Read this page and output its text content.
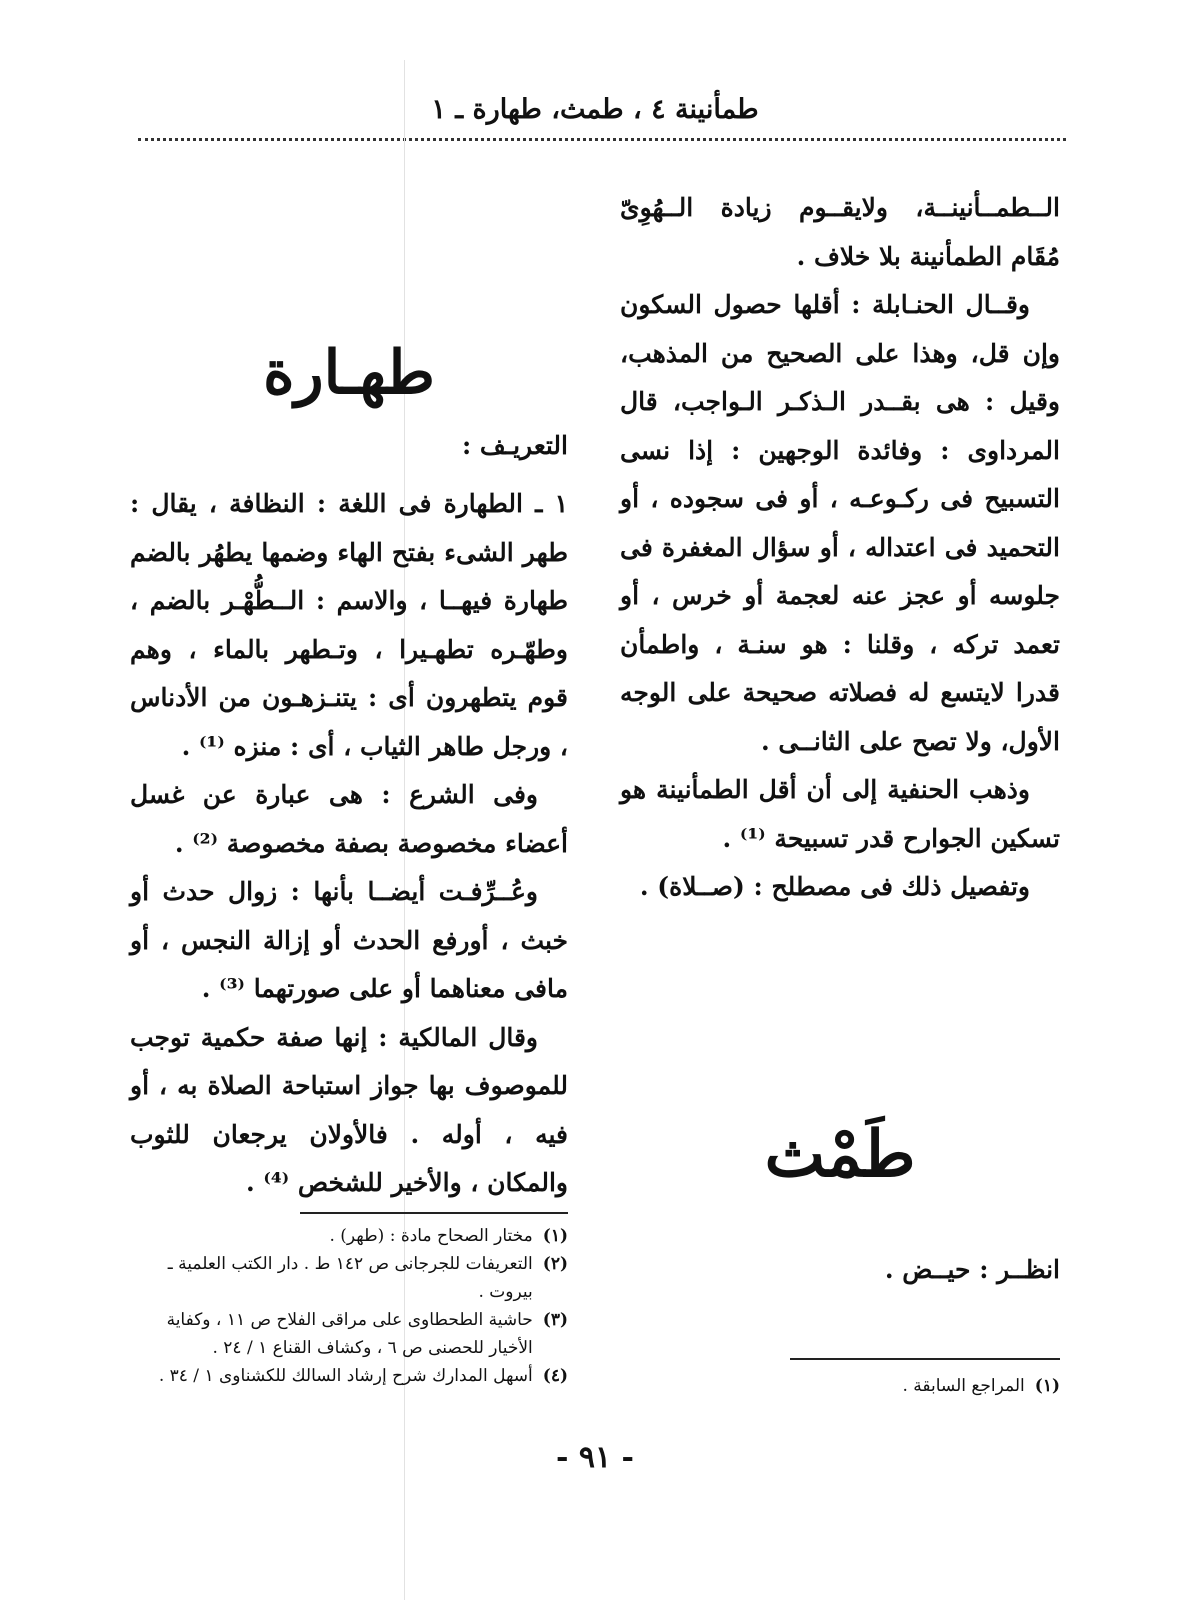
طمأنينة ٤ ، طمث، طهارة ـ ١

الــطمــأنينــة، ولايقــوم زيادة الــهُوِىّ مُقَام الطمأنينة بلا خلاف .

وقــال الحنـابلة : أقلها حصول السكون وإن قل، وهذا على الصحيح من المذهب، وقيل : هى بقــدر الـذكـر الـواجب، قال المرداوى : وفائدة الوجهين : إذا نسى التسبيح فى ركـوعـه ، أو فى سجوده ، أو التحميد فى اعتداله ، أو سؤال المغفرة فى جلوسه أو عجز عنه لعجمة أو خرس ، أو تعمد تركه ، وقلنا : هو سنـة ، واطمأن قدرا لايتسع له فصلاته صحيحة على الوجه الأول، ولا تصح على الثانــى .

وذهب الحنفية إلى أن أقل الطمأنينة هو تسكين الجوارح قدر تسبيحة ⁽¹⁾ .

وتفصيل ذلك فى مصطلح : (صــلاة) .

طَمْث
انظــر : حيــض .
(١)
المراجع السابقة .
طهـارة
التعريـف :

١ ـ الطهارة فى اللغة : النظافة ، يقال : طهر الشىء بفتح الهاء وضمها يطهُر بالضم طهارة فيهــا ، والاسم : الــطُّهْـر بالضم ، وطهّـره تطهـيرا ، وتـطهر بالماء ، وهم قوم يتطهرون أى : يتنـزهـون من الأدناس ، ورجل طاهر الثياب ، أى : منزه ⁽¹⁾ .

وفى الشرع : هى عبارة عن غسل أعضاء مخصوصة بصفة مخصوصة ⁽²⁾ .

وعُــرِّفـت أيضــا بأنها : زوال حدث أو خبث ، أورفع الحدث أو إزالة النجس ، أو مافى معناهما أو على صورتهما ⁽³⁾ .

وقال المالكية : إنها صفة حكمية توجب للموصوف بها جواز استباحة الصلاة به ، أو فيه ، أوله . فالأولان يرجعان للثوب والمكان ، والأخير للشخص ⁽⁴⁾ .

(١)
مختار الصحاح مادة : (طهر) .
(٢)
التعريفات للجرجانى ص ١٤٢ ط . دار الكتب العلمية ـ بيروت .
(٣)
حاشية الطحطاوى على مراقى الفلاح ص ١١ ، وكفاية الأخيار للحصنى ص ٦ ، وكشاف القناع ١ / ٢٤ .
(٤)
أسهل المدارك شرح إرشاد السالك للكشناوى ١ / ٣٤ .
- ٩١ -
